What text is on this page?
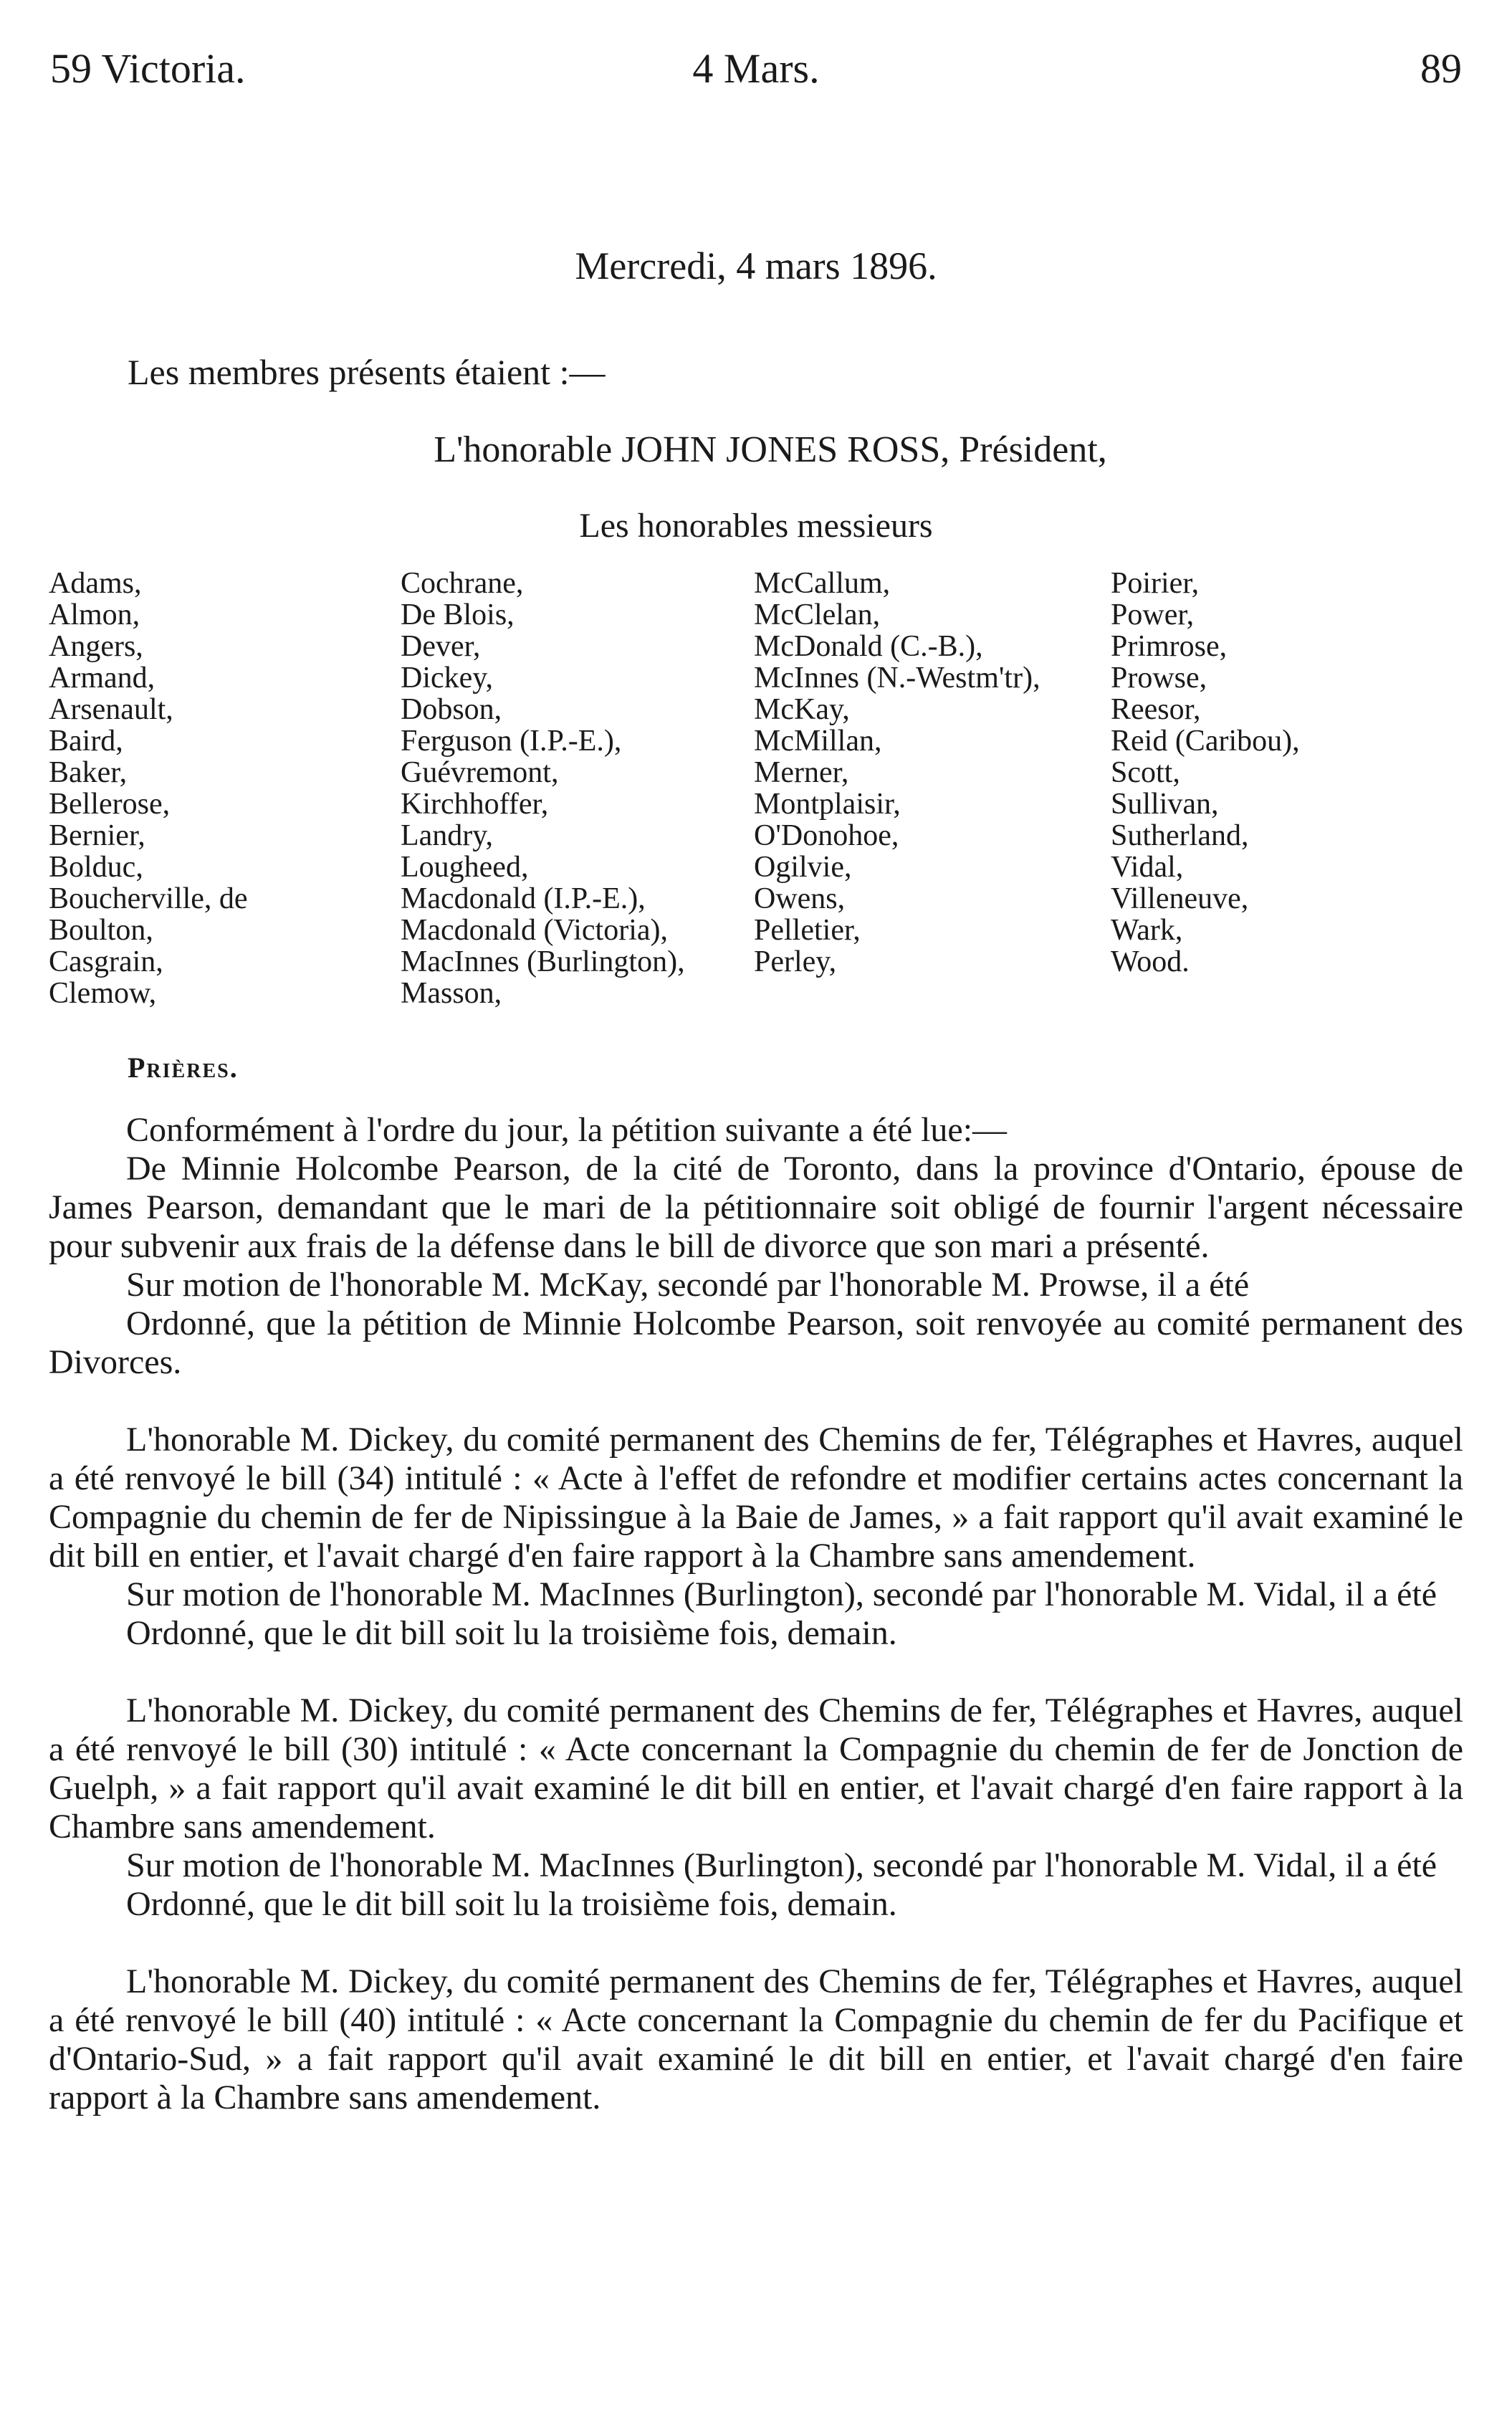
59 Victoria.	4 Mars.	89
Mercredi, 4 mars 1896.
Les membres présents étaient :—
L'honorable JOHN JONES ROSS, Président,
Les honorables messieurs
Adams,
Almon,
Angers,
Armand,
Arsenault,
Baird,
Baker,
Bellerose,
Bernier,
Bolduc,
Boucherville, de
Boulton,
Casgrain,
Clemow,
Cochrane,
De Blois,
Dever,
Dickey,
Dobson,
Ferguson (I.P.-E.),
Guévremont,
Kirchhoffer,
Landry,
Lougheed,
Macdonald (I.P.-E.),
Macdonald (Victoria),
MacInnes (Burlington),
Masson,
McCallum,
McClelan,
McDonald (C.-B.),
McInnes (N.-Westm'tr),
McKay,
McMillan,
Merner,
Montplaisir,
O'Donohoe,
Ogilvie,
Owens,
Pelletier,
Perley,
Poirier,
Power,
Primrose,
Prowse,
Reesor,
Reid (Caribou),
Scott,
Sullivan,
Sutherland,
Vidal,
Villeneuve,
Wark,
Wood.
Prières.

Conformément à l'ordre du jour, la pétition suivante a été lue:—

De Minnie Holcombe Pearson, de la cité de Toronto, dans la province d'Ontario, épouse de James Pearson, demandant que le mari de la pétitionnaire soit obligé de fournir l'argent nécessaire pour subvenir aux frais de la défense dans le bill de divorce que son mari a présenté.

Sur motion de l'honorable M. McKay, secondé par l'honorable M. Prowse, il a été

Ordonné, que la pétition de Minnie Holcombe Pearson, soit renvoyée au comité permanent des Divorces.

L'honorable M. Dickey, du comité permanent des Chemins de fer, Télégraphes et Havres, auquel a été renvoyé le bill (34) intitulé : « Acte à l'effet de refondre et modifier certains actes concernant la Compagnie du chemin de fer de Nipissingue à la Baie de James, » a fait rapport qu'il avait examiné le dit bill en entier, et l'avait chargé d'en faire rapport à la Chambre sans amendement.

Sur motion de l'honorable M. MacInnes (Burlington), secondé par l'honorable M. Vidal, il a été

Ordonné, que le dit bill soit lu la troisième fois, demain.

L'honorable M. Dickey, du comité permanent des Chemins de fer, Télégraphes et Havres, auquel a été renvoyé le bill (30) intitulé : « Acte concernant la Compagnie du chemin de fer de Jonction de Guelph, » a fait rapport qu'il avait examiné le dit bill en entier, et l'avait chargé d'en faire rapport à la Chambre sans amendement.

Sur motion de l'honorable M. MacInnes (Burlington), secondé par l'honorable M. Vidal, il a été

Ordonné, que le dit bill soit lu la troisième fois, demain.

L'honorable M. Dickey, du comité permanent des Chemins de fer, Télégraphes et Havres, auquel a été renvoyé le bill (40) intitulé : « Acte concernant la Compagnie du chemin de fer du Pacifique et d'Ontario-Sud, » a fait rapport qu'il avait examiné le dit bill en entier, et l'avait chargé d'en faire rapport à la Chambre sans amendement.
